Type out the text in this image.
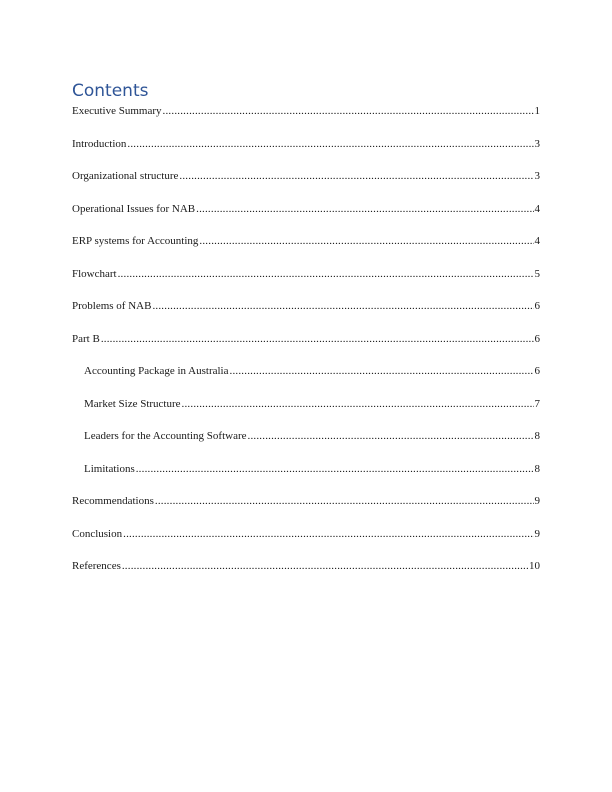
Contents
Executive Summary .....	1
Introduction .....	3
Organizational structure .....	3
Operational Issues for NAB .....	4
ERP systems for Accounting .....	4
Flowchart .....	5
Problems of NAB .....	6
Part B .....	6
Accounting Package in Australia .....	6
Market Size Structure .....	7
Leaders for the Accounting Software .....	8
Limitations .....	8
Recommendations .....	9
Conclusion .....	9
References .....	10
